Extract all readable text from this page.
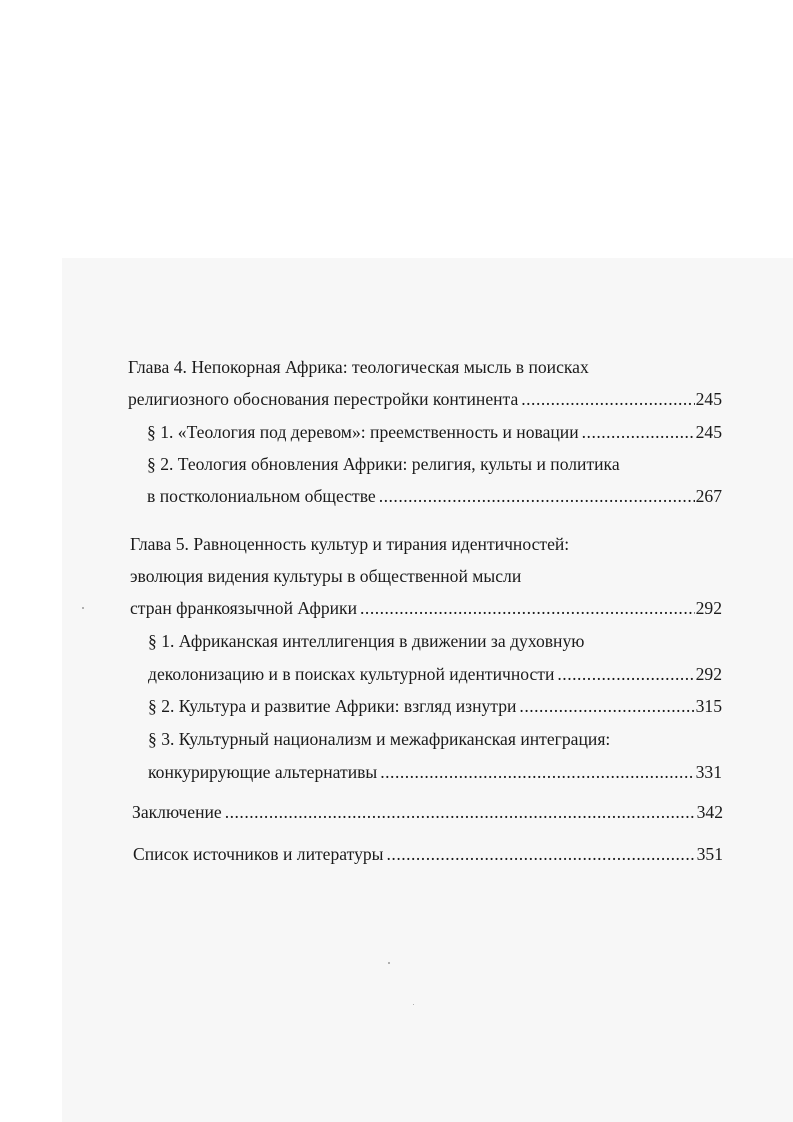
Глава 4. Непокорная Африка: теологическая мысль в поисках
религиозного обоснования перестройки континента .....	245
§ 1. «Теология под деревом»: преемственность и новации .....	245
§ 2. Теология обновления Африки: религия, культы и политика
в постколониальном обществе .....	267
Глава 5. Равноценность культур и тирания идентичностей:
эволюция видения культуры в общественной мысли
стран франкоязычной Африки .....	292
§ 1. Африканская интеллигенция в движении за духовную
деколонизацию и в поисках культурной идентичности .....	292
§ 2. Культура и развитие Африки: взгляд изнутри .....	315
§ 3. Культурный национализм и межафриканская интеграция:
конкурирующие альтернативы .....	331
Заключение .....	342
Список источников и литературы .....	351
